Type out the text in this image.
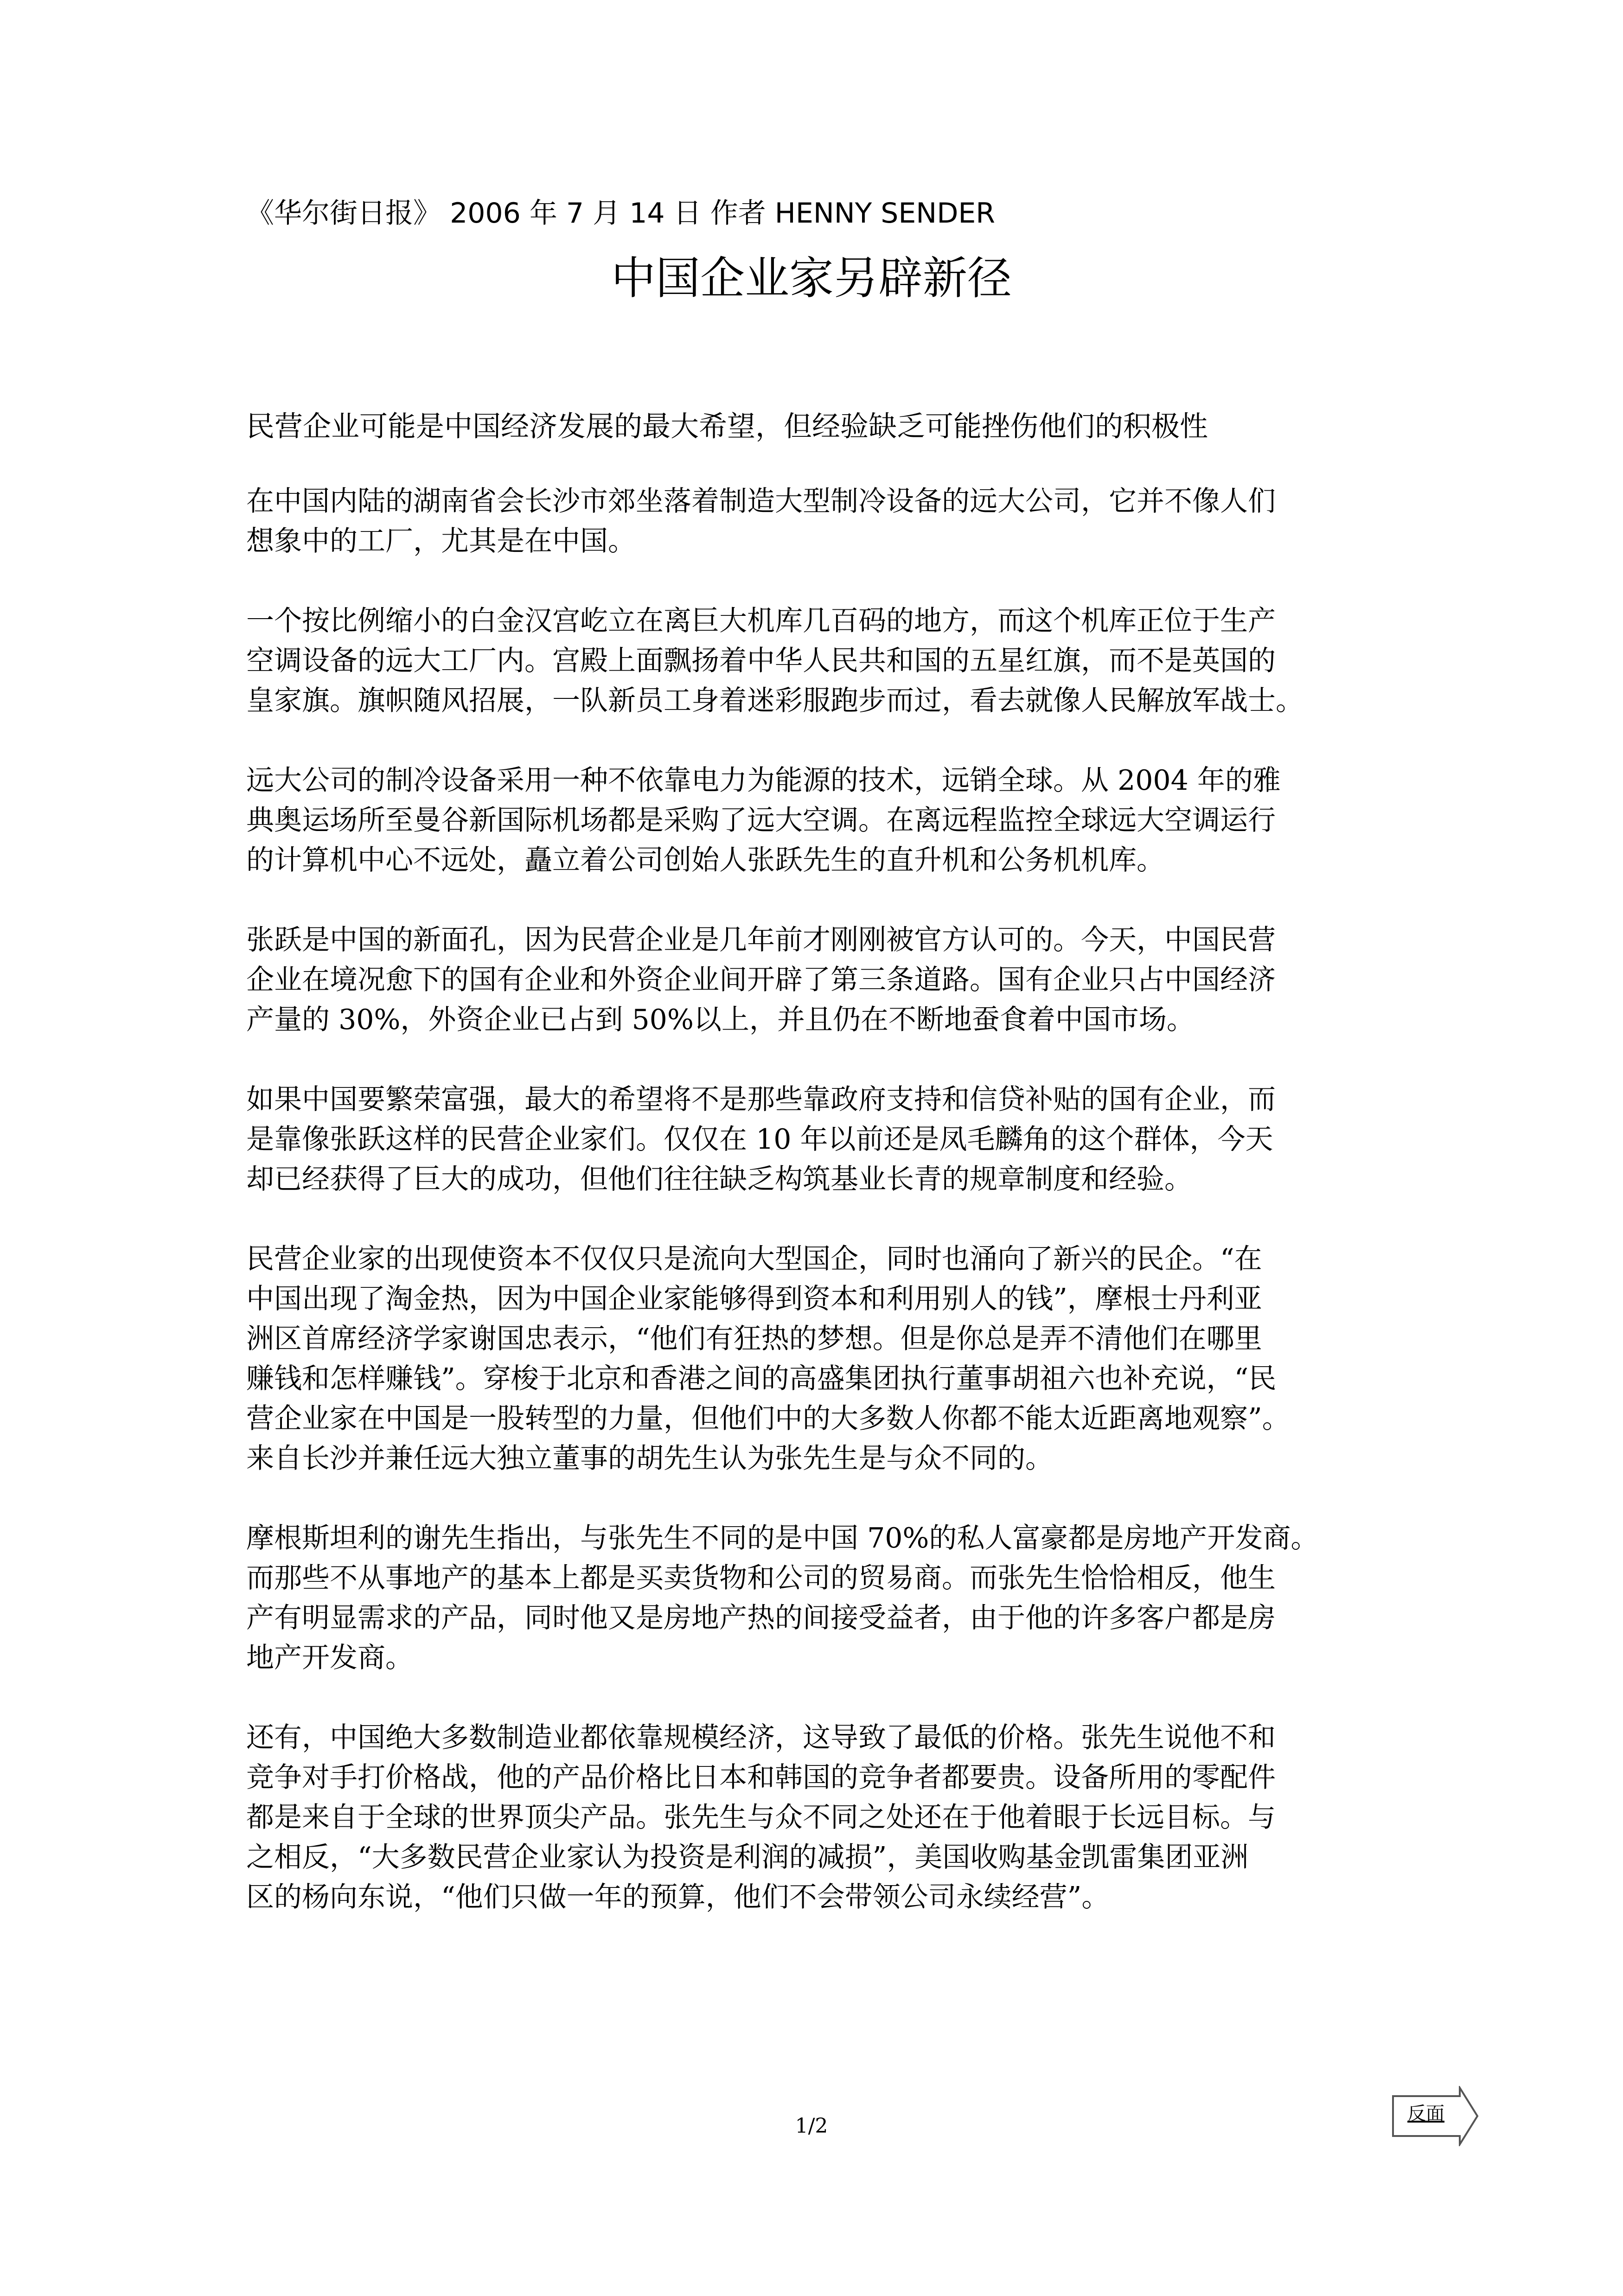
《华尔街日报》 2006 年 7 月 14 日 作者 HENNY SENDER
中国企业家另辟新径
民营企业可能是中国经济发展的最大希望，但经验缺乏可能挫伤他们的积极性

在中国内陆的湖南省会长沙市郊坐落着制造大型制冷设备的远大公司，它并不像人们
想象中的工厂，尤其是在中国。

一个按比例缩小的白金汉宫屹立在离巨大机库几百码的地方，而这个机库正位于生产
空调设备的远大工厂内。宫殿上面飘扬着中华人民共和国的五星红旗，而不是英国的
皇家旗。旗帜随风招展，一队新员工身着迷彩服跑步而过，看去就像人民解放军战士。

远大公司的制冷设备采用一种不依靠电力为能源的技术，远销全球。从 2004 年的雅
典奥运场所至曼谷新国际机场都是采购了远大空调。在离远程监控全球远大空调运行
的计算机中心不远处，矗立着公司创始人张跃先生的直升机和公务机机库。

张跃是中国的新面孔，因为民营企业是几年前才刚刚被官方认可的。今天，中国民营
企业在境况愈下的国有企业和外资企业间开辟了第三条道路。国有企业只占中国经济
产量的 30%，外资企业已占到 50%以上，并且仍在不断地蚕食着中国市场。

如果中国要繁荣富强，最大的希望将不是那些靠政府支持和信贷补贴的国有企业，而
是靠像张跃这样的民营企业家们。仅仅在 10 年以前还是凤毛麟角的这个群体，今天
却已经获得了巨大的成功，但他们往往缺乏构筑基业长青的规章制度和经验。

民营企业家的出现使资本不仅仅只是流向大型国企，同时也涌向了新兴的民企。“在
中国出现了淘金热，因为中国企业家能够得到资本和利用别人的钱”，摩根士丹利亚
洲区首席经济学家谢国忠表示，“他们有狂热的梦想。但是你总是弄不清他们在哪里
赚钱和怎样赚钱”。穿梭于北京和香港之间的高盛集团执行董事胡祖六也补充说，“民
营企业家在中国是一股转型的力量，但他们中的大多数人你都不能太近距离地观察”。
来自长沙并兼任远大独立董事的胡先生认为张先生是与众不同的。

摩根斯坦利的谢先生指出，与张先生不同的是中国 70%的私人富豪都是房地产开发商。
而那些不从事地产的基本上都是买卖货物和公司的贸易商。而张先生恰恰相反，他生
产有明显需求的产品，同时他又是房地产热的间接受益者，由于他的许多客户都是房
地产开发商。

还有，中国绝大多数制造业都依靠规模经济，这导致了最低的价格。张先生说他不和
竞争对手打价格战，他的产品价格比日本和韩国的竞争者都要贵。设备所用的零配件
都是来自于全球的世界顶尖产品。张先生与众不同之处还在于他着眼于长远目标。与
之相反，“大多数民营企业家认为投资是利润的减损”，美国收购基金凯雷集团亚洲
区的杨向东说，“他们只做一年的预算，他们不会带领公司永续经营”。

1/2
反面
